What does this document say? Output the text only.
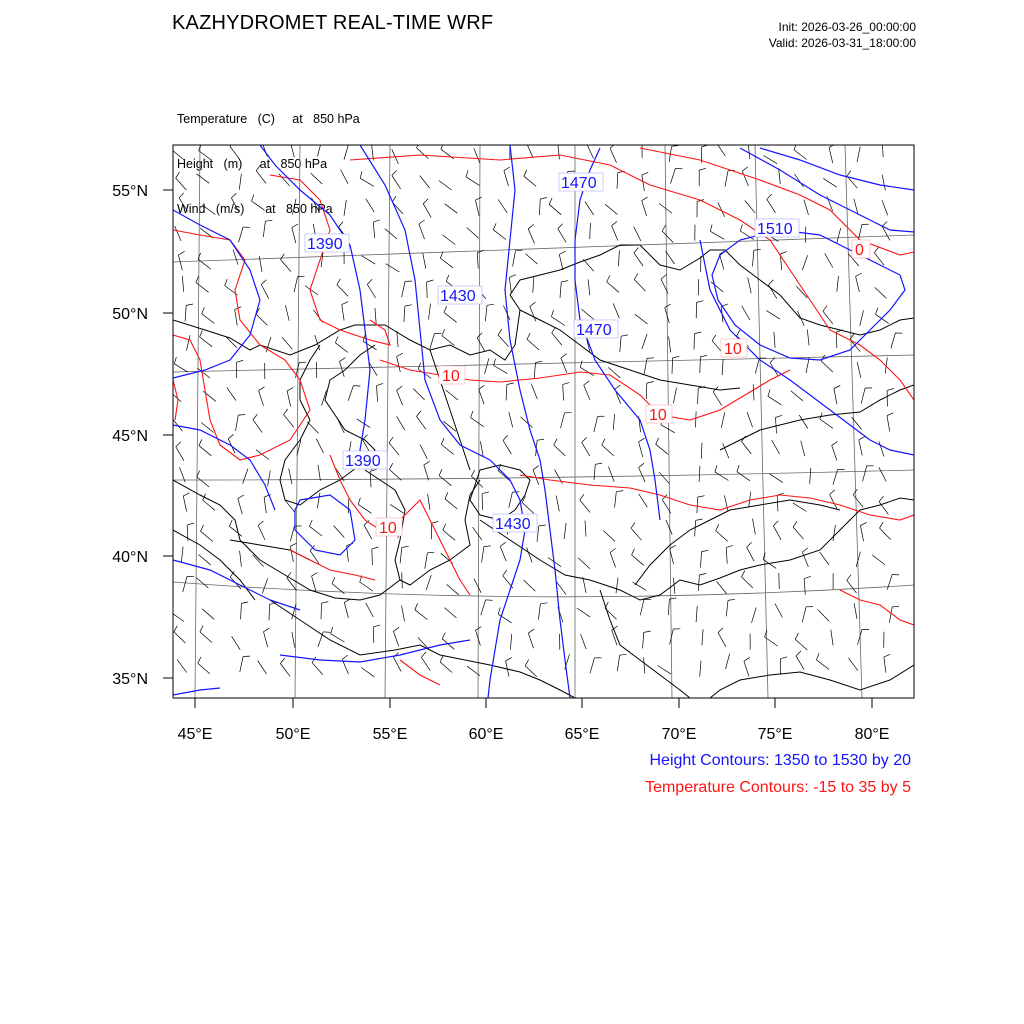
KAZHYDROMET REAL-TIME WRF	Init: 2026-03-26_00:00:00
Valid: 2026-03-31_18:00:00

Temperature   (C)     at   850 hPa

Height   (m)     at   850 hPa

Wind   (m/s)      at   850 hPa

1470
1510
1390
1430
1470
1390
1430
0
10
10
10
10
55°N
50°N
45°N
40°N
35°N
45°E	50°E	55°E	60°E	65°E	70°E	75°E	80°E
Height Contours: 1350 to 1530 by 20
Temperature Contours: -15 to 35 by 5
